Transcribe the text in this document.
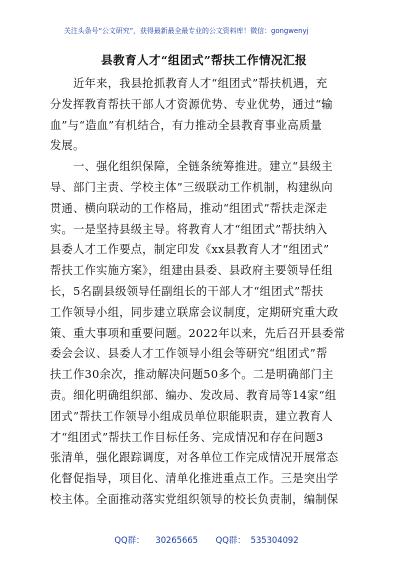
关注头条号“公文研究”，获得最新最全最专业的公文资料库！微信：gongwenyj
县教育人才“组团式”帮扶工作情况汇报
　　近年来，我县抢抓教育人才“组团式”帮扶机遇，充
分发挥教育帮扶干部人才资源优势、专业优势，通过“输
血”与“造血”有机结合，有力推动全县教育事业高质量
发展。
　　一、强化组织保障，全链条统筹推进。建立“县级主
导、部门主责、学校主体”三级联动工作机制，构建纵向
贯通、横向联动的工作格局，推动“组团式”帮扶走深走
实。一是坚持县级主导。将教育人才“组团式”帮扶纳入
县委人才工作要点，制定印发《xx县教育人才“组团式”
帮扶工作实施方案》，组建由县委、县政府主要领导任组
长，5名副县级领导任副组长的干部人才“组团式”帮扶
工作领导小组，同步建立联席会议制度，定期研究重大政
策、重大事项和重要问题。2022年以来，先后召开县委常
委会会议、县委人才工作领导小组会等研究“组团式”帮
扶工作30余次，推动解决问题50多个。二是明确部门主
责。细化明确组织部、编办、发改局、教育局等14家“组
团式”帮扶工作领导小组成员单位职能职责，建立教育人
才“组团式”帮扶工作目标任务、完成情况和存在问题3
张清单，强化跟踪调度，对各单位工作完成情况开展常态
化督促指导，项目化、清单化推进重点工作。三是突出学
校主体。全面推动落实党组织领导的校长负责制，编制保
QQ群： 30265665 QQ群： 535304092
